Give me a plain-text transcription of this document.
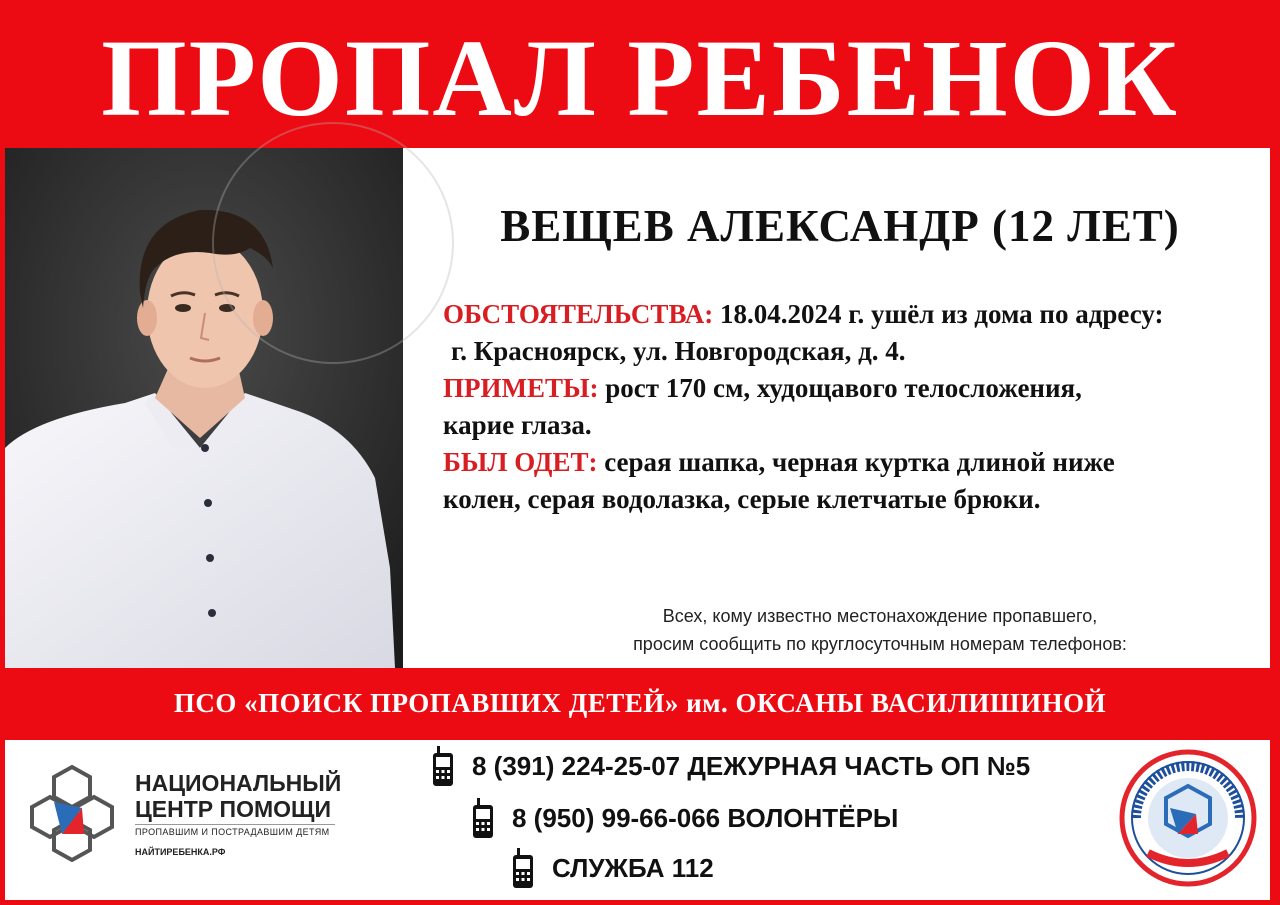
ПРОПАЛ РЕБЕНОК
ВЕЩЕВ АЛЕКСАНДР (12 ЛЕТ)

ОБСТОЯТЕЛЬСТВА: 18.04.2024 г. ушёл из дома по адресу:

г. Красноярск, ул. Новгородская, д. 4.

ПРИМЕТЫ: рост 170 см, худощавого телосложения,

карие глаза.

БЫЛ ОДЕТ: серая шапка, черная куртка длиной ниже

колен, серая водолазка, серые клетчатые брюки.

Всех, кому известно местонахождение пропавшего,
просим сообщить по круглосуточным номерам телефонов:
ПСО «ПОИСК ПРОПАВШИХ ДЕТЕЙ» им. ОКСАНЫ ВАСИЛИШИНОЙ
НАЦИОНАЛЬНЫЙ
ЦЕНТР ПОМОЩИ
ПРОПАВШИМ И ПОСТРАДАВШИМ ДЕТЯМ
НАЙТИРЕБЕНКА.РФ
8 (391) 224-25-07 ДЕЖУРНАЯ ЧАСТЬ ОП №5
8 (950) 99-66-066 ВОЛОНТЁРЫ
СЛУЖБА 112
